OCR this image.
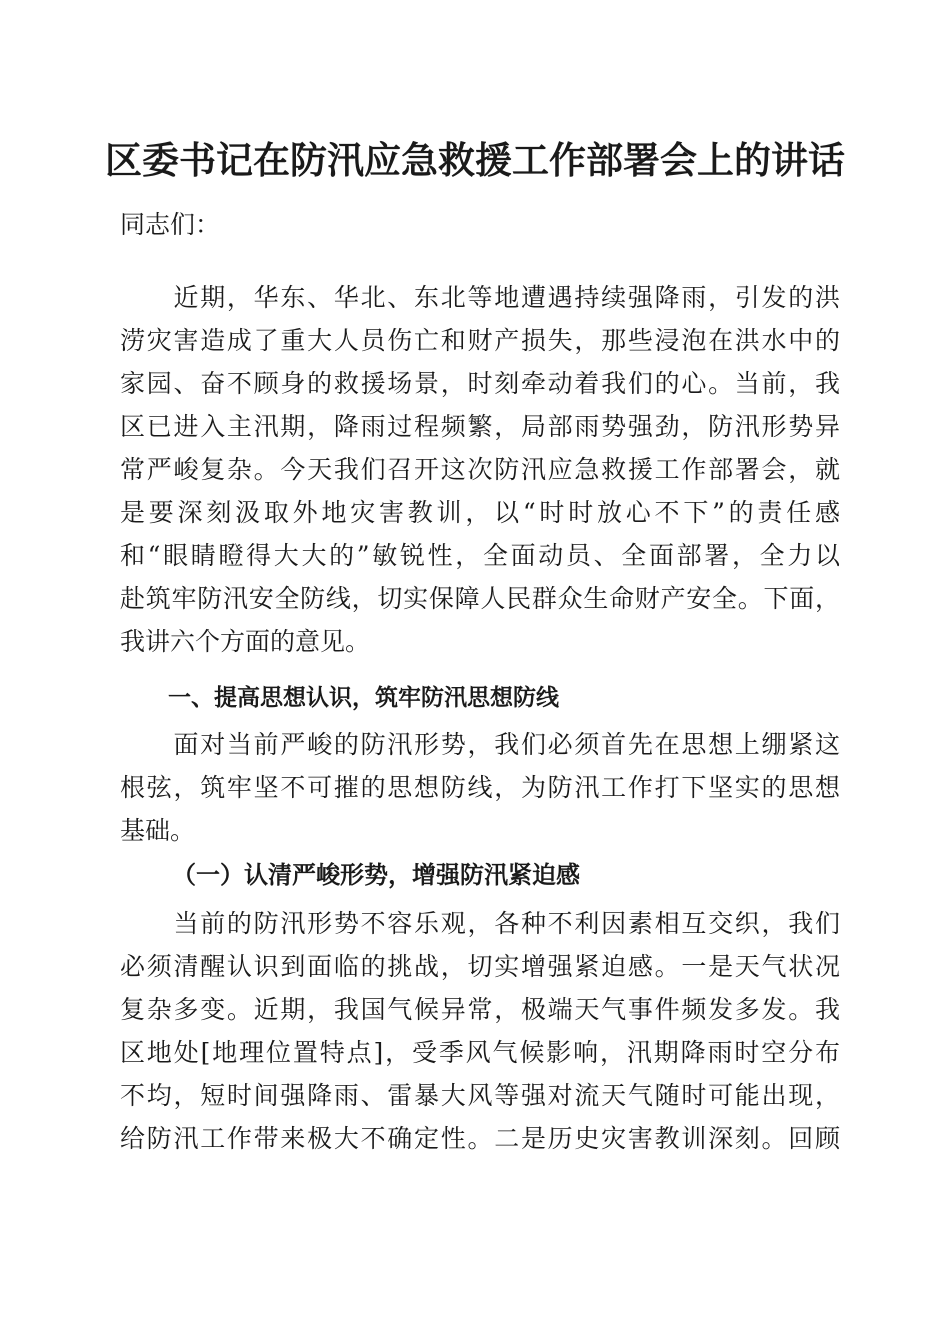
区委书记在防汛应急救援工作部署会上的讲话
同志们：
　　近期，华东、华北、东北等地遭遇持续强降雨，引发的洪
涝灾害造成了重大人员伤亡和财产损失，那些浸泡在洪水中的
家园、奋不顾身的救援场景，时刻牵动着我们的心。当前，我
区已进入主汛期，降雨过程频繁，局部雨势强劲，防汛形势异
常严峻复杂。今天我们召开这次防汛应急救援工作部署会，就
是要深刻汲取外地灾害教训，以“时时放心不下”的责任感
和“眼睛瞪得大大的”敏锐性，全面动员、全面部署，全力以
赴筑牢防汛安全防线，切实保障人民群众生命财产安全。下面，
我讲六个方面的意见。
一、提高思想认识，筑牢防汛思想防线
　　面对当前严峻的防汛形势，我们必须首先在思想上绷紧这
根弦，筑牢坚不可摧的思想防线，为防汛工作打下坚实的思想
基础。
（一）认清严峻形势，增强防汛紧迫感
　　当前的防汛形势不容乐观，各种不利因素相互交织，我们
必须清醒认识到面临的挑战，切实增强紧迫感。一是天气状况
复杂多变。近期，我国气候异常，极端天气事件频发多发。我
区地处[地理位置特点]，受季风气候影响，汛期降雨时空分布
不均，短时间强降雨、雷暴大风等强对流天气随时可能出现，
给防汛工作带来极大不确定性。二是历史灾害教训深刻。回顾
